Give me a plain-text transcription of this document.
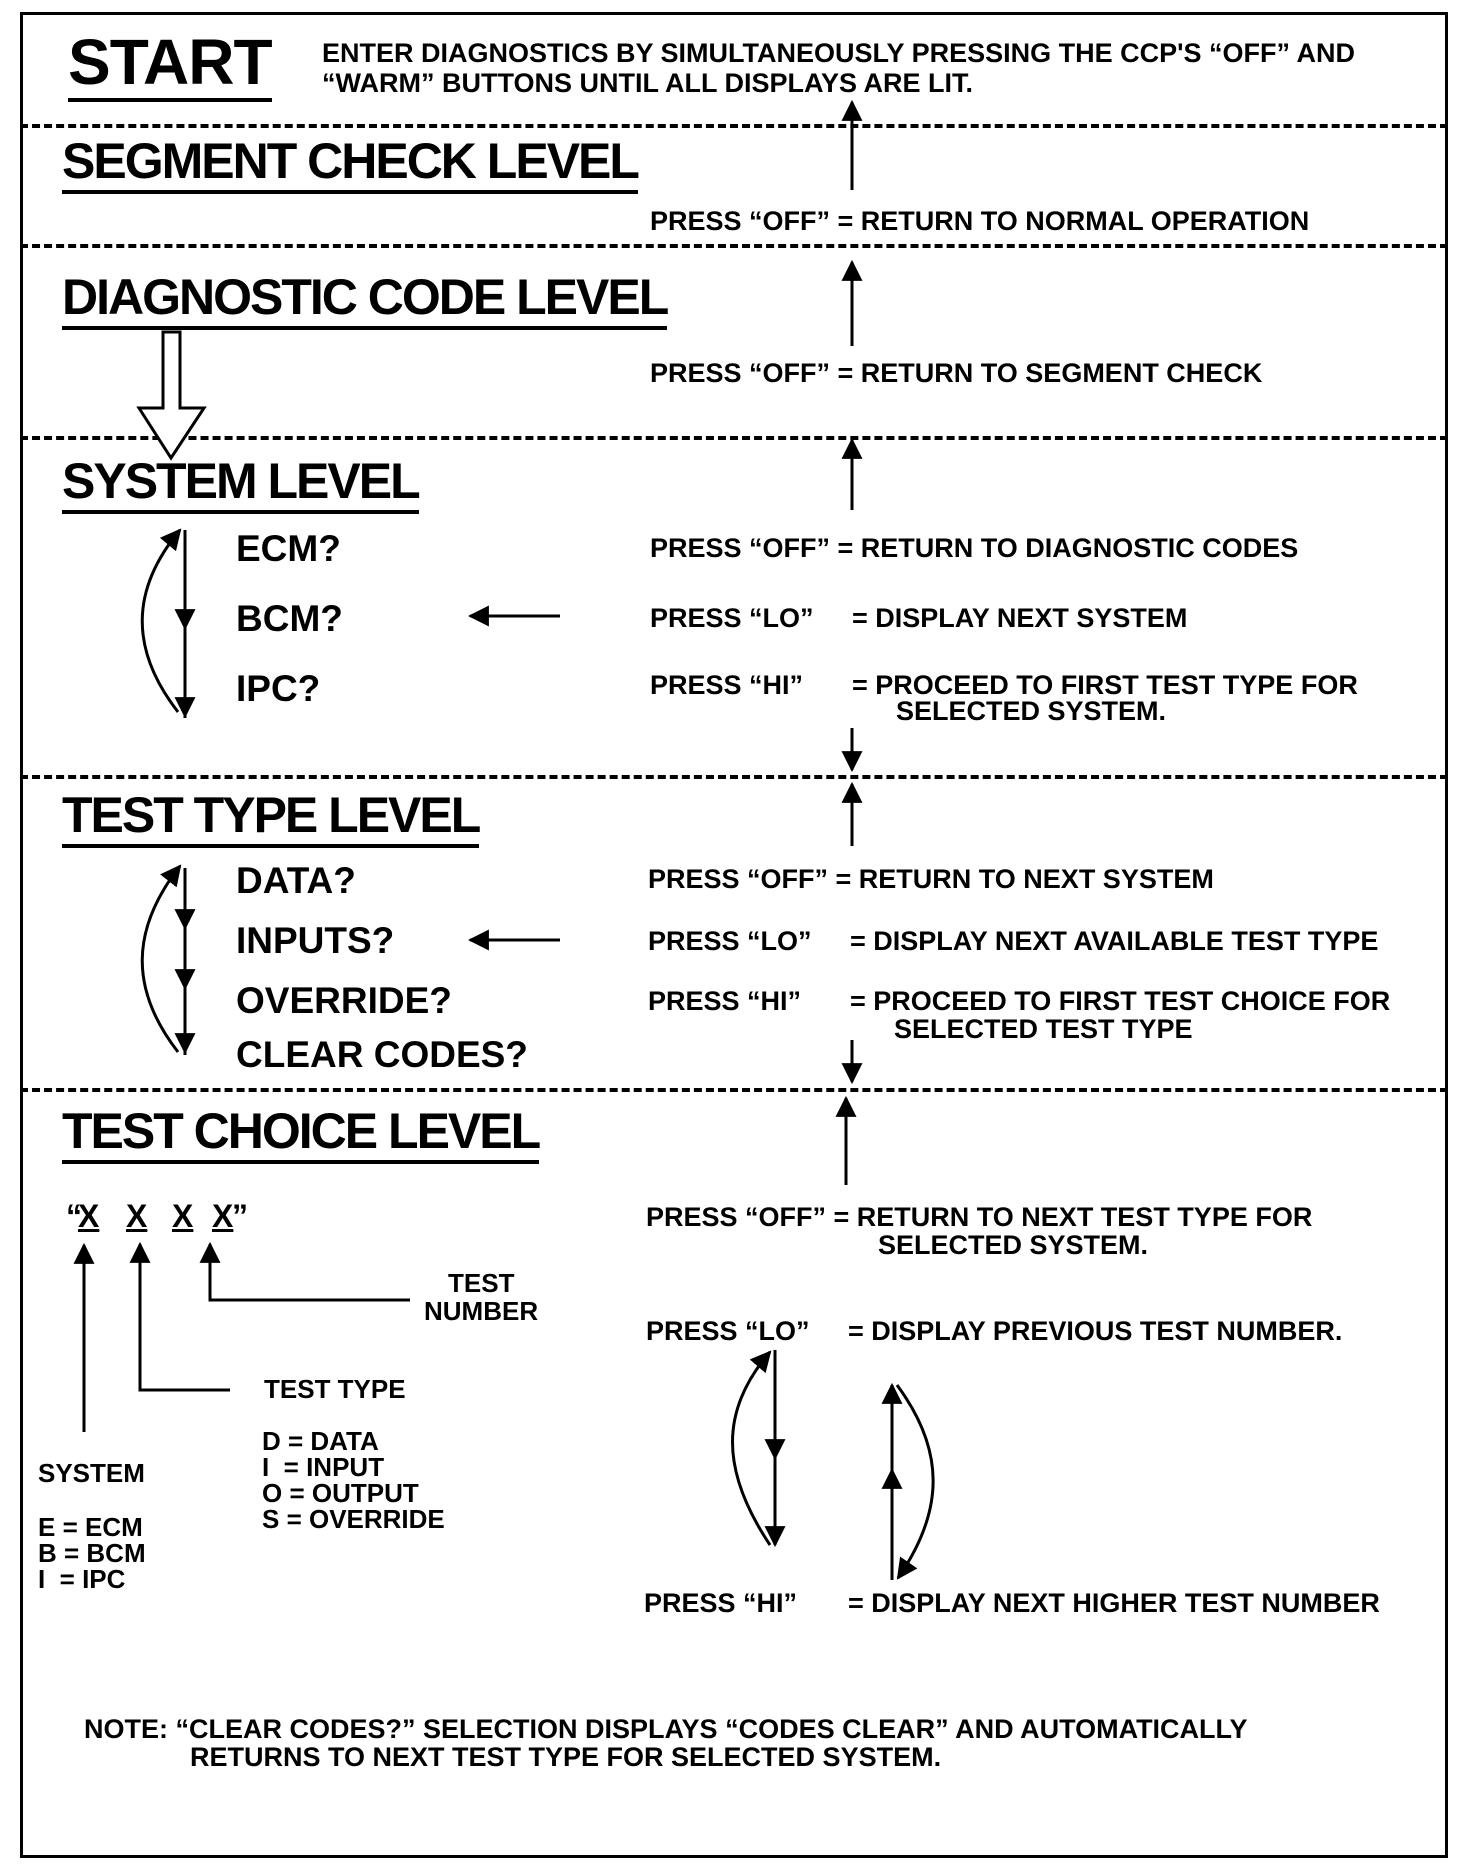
START ENTER DIAGNOSTICS BY SIMULTANEOUSLY PRESSING THE CCP'S “OFF” AND
“WARM” BUTTONS UNTIL ALL DISPLAYS ARE LIT.
SEGMENT CHECK LEVEL
PRESS “OFF” = RETURN TO NORMAL OPERATION
DIAGNOSTIC CODE LEVEL
PRESS “OFF” = RETURN TO SEGMENT CHECK
SYSTEM LEVEL
ECM?
BCM?
IPC?
PRESS “OFF” = RETURN TO DIAGNOSTIC CODES
PRESS “LO” = DISPLAY NEXT SYSTEM
PRESS “HI” = PROCEED TO FIRST TEST TYPE FOR
SELECTED SYSTEM.
TEST TYPE LEVEL
DATA?
INPUTS?
OVERRIDE?
CLEAR CODES?
PRESS “OFF” = RETURN TO NEXT SYSTEM
PRESS “LO” = DISPLAY NEXT AVAILABLE TEST TYPE
PRESS “HI” = PROCEED TO FIRST TEST CHOICE FOR
SELECTED TEST TYPE
TEST CHOICE LEVEL
“
X X X X
”
TEST
NUMBER
TEST TYPE
D = DATA
I  = INPUT
O = OUTPUT
S = OVERRIDE
SYSTEM
E = ECM
B = BCM
I  = IPC
PRESS “OFF” = RETURN TO NEXT TEST TYPE FOR
SELECTED SYSTEM.
PRESS “LO” = DISPLAY PREVIOUS TEST NUMBER.
PRESS “HI” = DISPLAY NEXT HIGHER TEST NUMBER
NOTE: “CLEAR CODES?” SELECTION DISPLAYS “CODES CLEAR” AND AUTOMATICALLY
RETURNS TO NEXT TEST TYPE FOR SELECTED SYSTEM.
